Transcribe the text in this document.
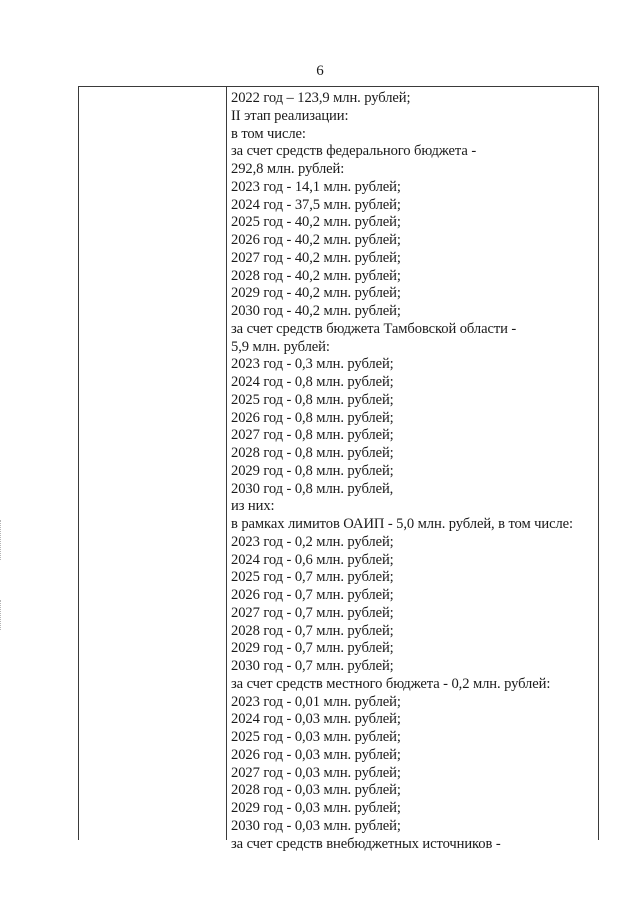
6
2022 год – 123,9 млн. рублей;
II этап реализации:
в том числе:
за счет средств федерального бюджета -
292,8 млн. рублей:
2023 год - 14,1 млн. рублей;
2024 год - 37,5 млн. рублей;
2025 год - 40,2 млн. рублей;
2026 год - 40,2 млн. рублей;
2027 год - 40,2 млн. рублей;
2028 год - 40,2 млн. рублей;
2029 год - 40,2 млн. рублей;
2030 год - 40,2 млн. рублей;
за счет средств бюджета Тамбовской области -
5,9 млн. рублей:
2023 год - 0,3 млн. рублей;
2024 год - 0,8 млн. рублей;
2025 год - 0,8 млн. рублей;
2026 год - 0,8 млн. рублей;
2027 год - 0,8 млн. рублей;
2028 год - 0,8 млн. рублей;
2029 год - 0,8 млн. рублей;
2030 год - 0,8 млн. рублей,
из них:
в рамках лимитов ОАИП - 5,0 млн. рублей, в том числе:
2023 год - 0,2 млн. рублей;
2024 год - 0,6 млн. рублей;
2025 год - 0,7 млн. рублей;
2026 год - 0,7 млн. рублей;
2027 год - 0,7 млн. рублей;
2028 год - 0,7 млн. рублей;
2029 год - 0,7 млн. рублей;
2030 год - 0,7 млн. рублей;
за счет средств местного бюджета - 0,2 млн. рублей:
2023 год - 0,01 млн. рублей;
2024 год - 0,03 млн. рублей;
2025 год - 0,03 млн. рублей;
2026 год - 0,03 млн. рублей;
2027 год - 0,03 млн. рублей;
2028 год - 0,03 млн. рублей;
2029 год - 0,03 млн. рублей;
2030 год - 0,03 млн. рублей;
за счет средств внебюджетных источников -
